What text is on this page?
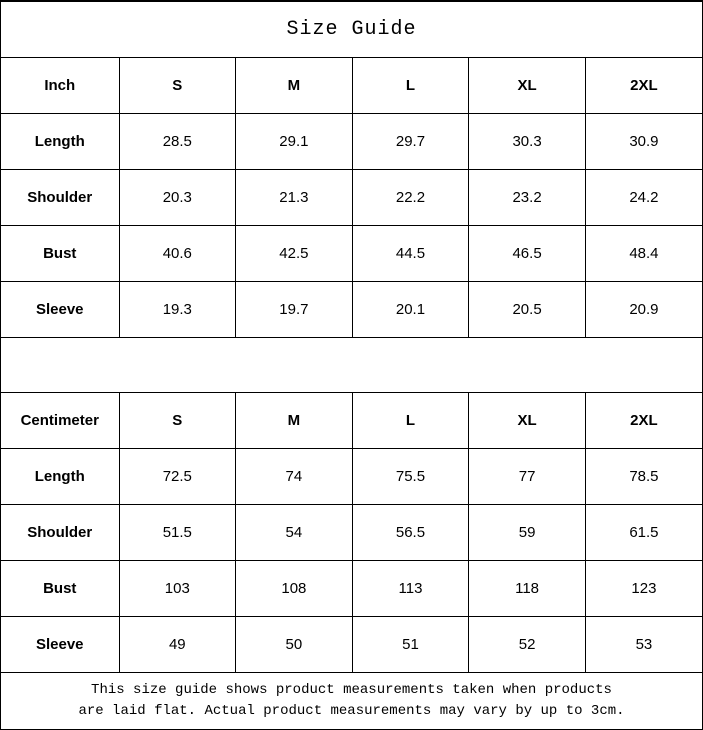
Size Guide
Inch	S	M	L	XL	2XL
Length	28.5	29.1	29.7	30.3	30.9
Shoulder	20.3	21.3	22.2	23.2	24.2
Bust	40.6	42.5	44.5	46.5	48.4
Sleeve	19.3	19.7	20.1	20.5	20.9
Centimeter	S	M	L	XL	2XL
Length	72.5	74	75.5	77	78.5
Shoulder	51.5	54	56.5	59	61.5
Bust	103	108	113	118	123
Sleeve	49	50	51	52	53
This size guide shows product measurements taken when products
are laid flat. Actual product measurements may vary by up to 3cm.
